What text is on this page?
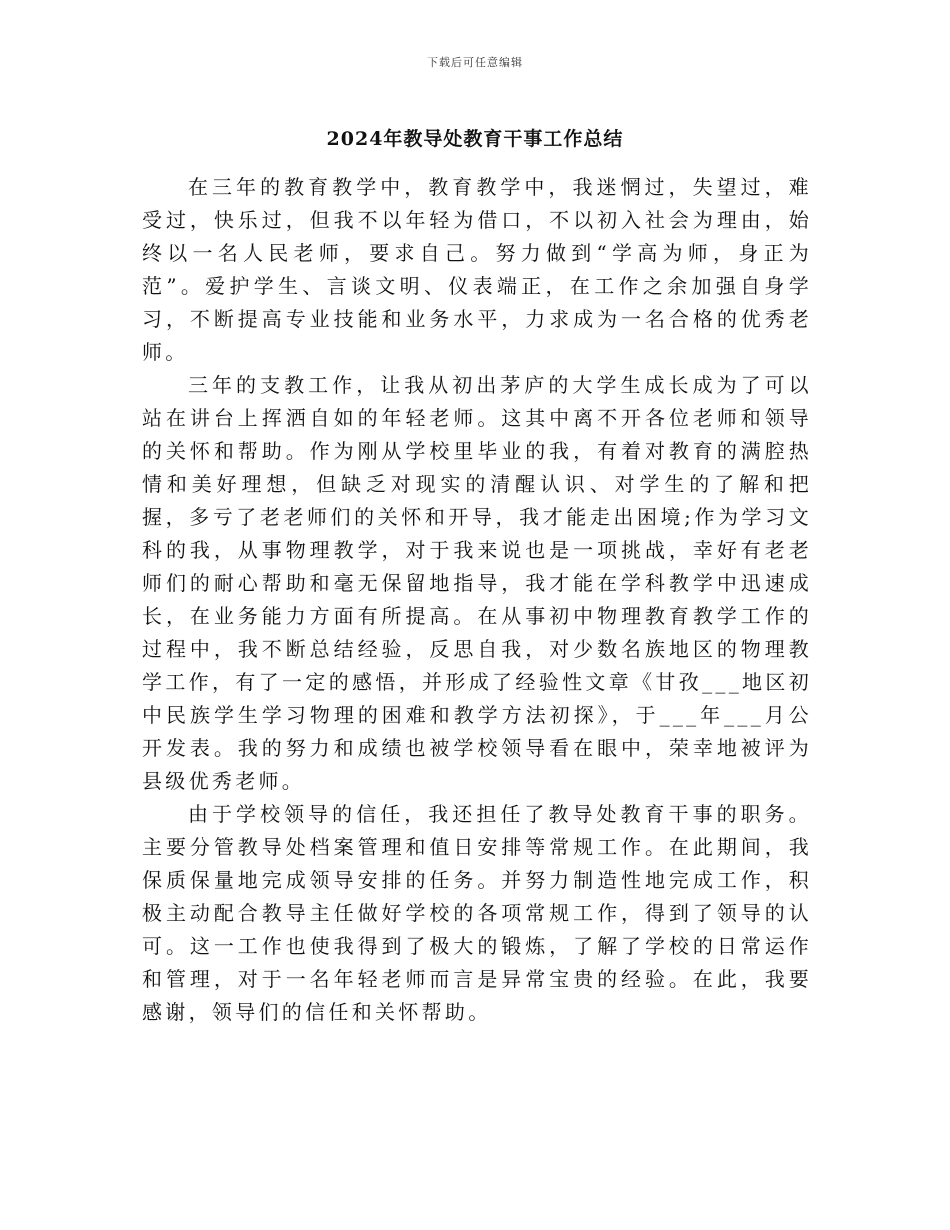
下载后可任意编辑
2024年教导处教育干事工作总结

在三年的教育教学中，教育教学中，我迷惘过，失望过，难受过，快乐过，但我不以年轻为借口，不以初入社会为理由，始终以一名人民老师，要求自己。努力做到“学高为师，身正为范”。爱护学生、言谈文明、仪表端正，在工作之余加强自身学习，不断提高专业技能和业务水平，力求成为一名合格的优秀老师。

三年的支教工作，让我从初出茅庐的大学生成长成为了可以站在讲台上挥洒自如的年轻老师。这其中离不开各位老师和领导的关怀和帮助。作为刚从学校里毕业的我，有着对教育的满腔热情和美好理想，但缺乏对现实的清醒认识、对学生的了解和把握，多亏了老老师们的关怀和开导，我才能走出困境;作为学习文科的我，从事物理教学，对于我来说也是一项挑战，幸好有老老师们的耐心帮助和毫无保留地指导，我才能在学科教学中迅速成长，在业务能力方面有所提高。在从事初中物理教育教学工作的过程中，我不断总结经验，反思自我，对少数名族地区的物理教学工作，有了一定的感悟，并形成了经验性文章《甘孜___地区初中民族学生学习物理的困难和教学方法初探》，于___年___月公开发表。我的努力和成绩也被学校领导看在眼中，荣幸地被评为县级优秀老师。

由于学校领导的信任，我还担任了教导处教育干事的职务。主要分管教导处档案管理和值日安排等常规工作。在此期间，我保质保量地完成领导安排的任务。并努力制造性地完成工作，积极主动配合教导主任做好学校的各项常规工作，得到了领导的认可。这一工作也使我得到了极大的锻炼，了解了学校的日常运作和管理，对于一名年轻老师而言是异常宝贵的经验。在此，我要感谢，领导们的信任和关怀帮助。
